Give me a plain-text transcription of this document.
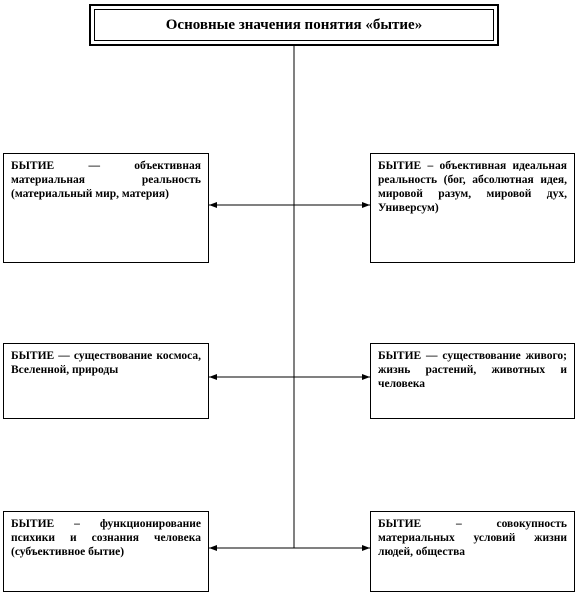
Основные значения понятия «бытие»
БЫТИЕ — объективная материальная реальность (материальный мир, материя)
БЫТИЕ – объективная идеальная реальность (бог, абсолютная идея, мировой разум, мировой дух, Универсум)
БЫТИЕ — существование космоса, Вселенной, природы
БЫТИЕ — существование живого; жизнь растений, животных и человека
БЫТИЕ – функционирование психики и сознания человека (субъективное бытие)
БЫТИЕ – совокупность материальных условий жизни людей, общества
